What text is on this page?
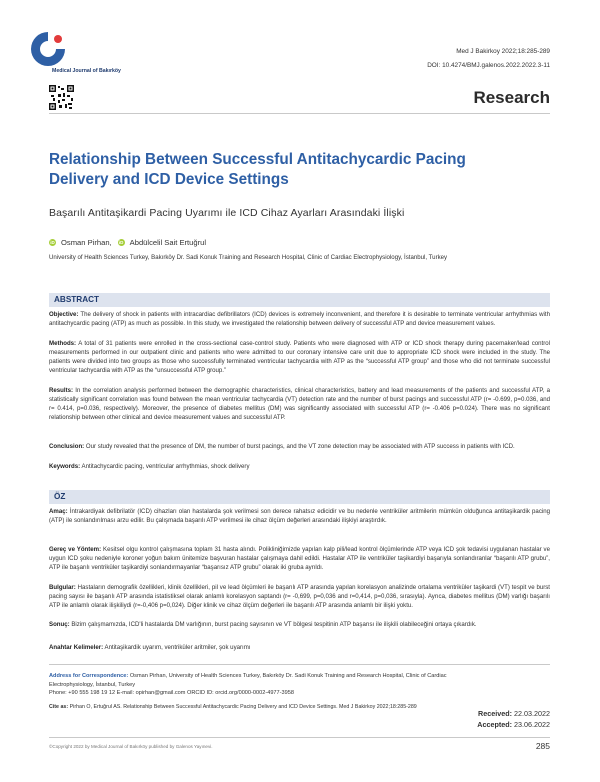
Medical Journal of Bakırköy
Med J Bakirkoy 2022;18:285-289
DOI: 10.4274/BMJ.galenos.2022.2022.3-11
Research
Relationship Between Successful Antitachycardic Pacing Delivery and ICD Device Settings
Başarılı Antitaşikardi Pacing Uyarımı ile ICD Cihaz Ayarları Arasındaki İlişki
iD Osman Pirhan, iD Abdülcelil Sait Ertuğrul
University of Health Sciences Turkey, Bakırköy Dr. Sadi Konuk Training and Research Hospital, Clinic of Cardiac Electrophysiology, İstanbul, Turkey
ABSTRACT
Objective: The delivery of shock in patients with intracardiac defibrillators (ICD) devices is extremely inconvenient, and therefore it is desirable to terminate ventricular arrhythmias with antitachycardic pacing (ATP) as much as possible. In this study, we investigated the relationship between delivery of successful ATP and device measurement values.
Methods: A total of 31 patients were enrolled in the cross-sectional case-control study. Patients who were diagnosed with ATP or ICD shock therapy during pacemaker/lead control measurements performed in our outpatient clinic and patients who were admitted to our coronary intensive care unit due to appropriate ICD shock were included in the study. The patients were divided into two groups as those who successfully terminated ventricular tachycardia with ATP as the “successful ATP group” and those who did not terminate successful ventricular tachycardia with ATP as the “unsuccessful ATP group.”
Results: In the correlation analysis performed between the demographic characteristics, clinical characteristics, battery and lead measurements of the patients and successful ATP, a statistically significant correlation was found between the mean ventricular tachycardia (VT) detection rate and the number of burst pacings and successful ATP (r= -0.699, p=0.036, and r= 0.414, p=0.036, respectively). Moreover, the presence of diabetes mellitus (DM) was significantly associated with successful ATP (r= -0.406 p=0.024). There was no significant relationship between other clinical and device measurement values and successful ATP.
Conclusion: Our study revealed that the presence of DM, the number of burst pacings, and the VT zone detection may be associated with ATP success in patients with ICD.
Keywords: Antitachycardic pacing, ventricular arrhythmias, shock delivery
ÖZ
Amaç: İntrakardiyak defibrilatör (ICD) cihazları olan hastalarda şok verilmesi son derece rahatsız edicidir ve bu nedenle ventriküler aritmilerin mümkün olduğunca antitaşikardik pacing (ATP) ile sonlandırılması arzu edilir. Bu çalışmada başarılı ATP verilmesi ile cihaz ölçüm değerleri arasındaki ilişkiyi araştırdık.
Gereç ve Yöntem: Kesitsel olgu kontrol çalışmasına toplam 31 hasta alındı. Polikliniğimizde yapılan kalp pili/lead kontrol ölçümlerinde ATP veya ICD şok tedavisi uygulanan hastalar ve uygun ICD şoku nedeniyle koroner yoğun bakım ünitemize başvuran hastalar çalışmaya dahil edildi. Hastalar ATP ile ventriküler taşikardiyi başarıyla sonlandıranlar “başarılı ATP grubu”, ATP ile başarılı ventriküler taşikardiyi sonlandırmayanlar “başarısız ATP grubu” olarak iki gruba ayrıldı.
Bulgular: Hastaların demografik özellikleri, klinik özellikleri, pil ve lead ölçümleri ile başarılı ATP arasında yapılan korelasyon analizinde ortalama ventriküler taşikardi (VT) tespit ve burst pacing sayısı ile başarılı ATP arasında istatistiksel olarak anlamlı korelasyon saptandı (r= -0,699, p=0,036 and r=0,414, p=0,036, sırasıyla). Ayrıca, diabetes mellitus (DM) varlığı başarılı ATP ile anlamlı olarak ilişkiliydi (r=-0,406 p=0,024). Diğer klinik ve cihaz ölçüm değerleri ile başarılı ATP arasında anlamlı bir ilişki yoktu.
Sonuç: Bizim çalışmamızda, ICD'li hastalarda DM varlığının, burst pacing sayısının ve VT bölgesi tespitinin ATP başarısı ile ilişkili olabileceğini ortaya çıkardık.
Anahtar Kelimeler: Antitaşikardik uyarım, ventriküler aritmiler, şok uyarımı
Address for Correspondence: Osman Pirhan, University of Health Sciences Turkey, Bakırköy Dr. Sadi Konuk Training and Research Hospital, Clinic of Cardiac Electrophysiology, İstanbul, Turkey
Phone: +90 555 198 19 12 E-mail: opirhan@gmail.com ORCID ID: orcid.org/0000-0002-4977-3958
Cite as: Pirhan O, Ertuğrul AS. Relationship Between Successful Antitachycardic Pacing Delivery and ICD Device Settings. Med J Bakirkoy 2022;18:285-289
Received: 22.03.2022
Accepted: 23.06.2022
©Copyright 2022 by Medical Journal of Bakırköy published by Galenos Yayınevi.	285
